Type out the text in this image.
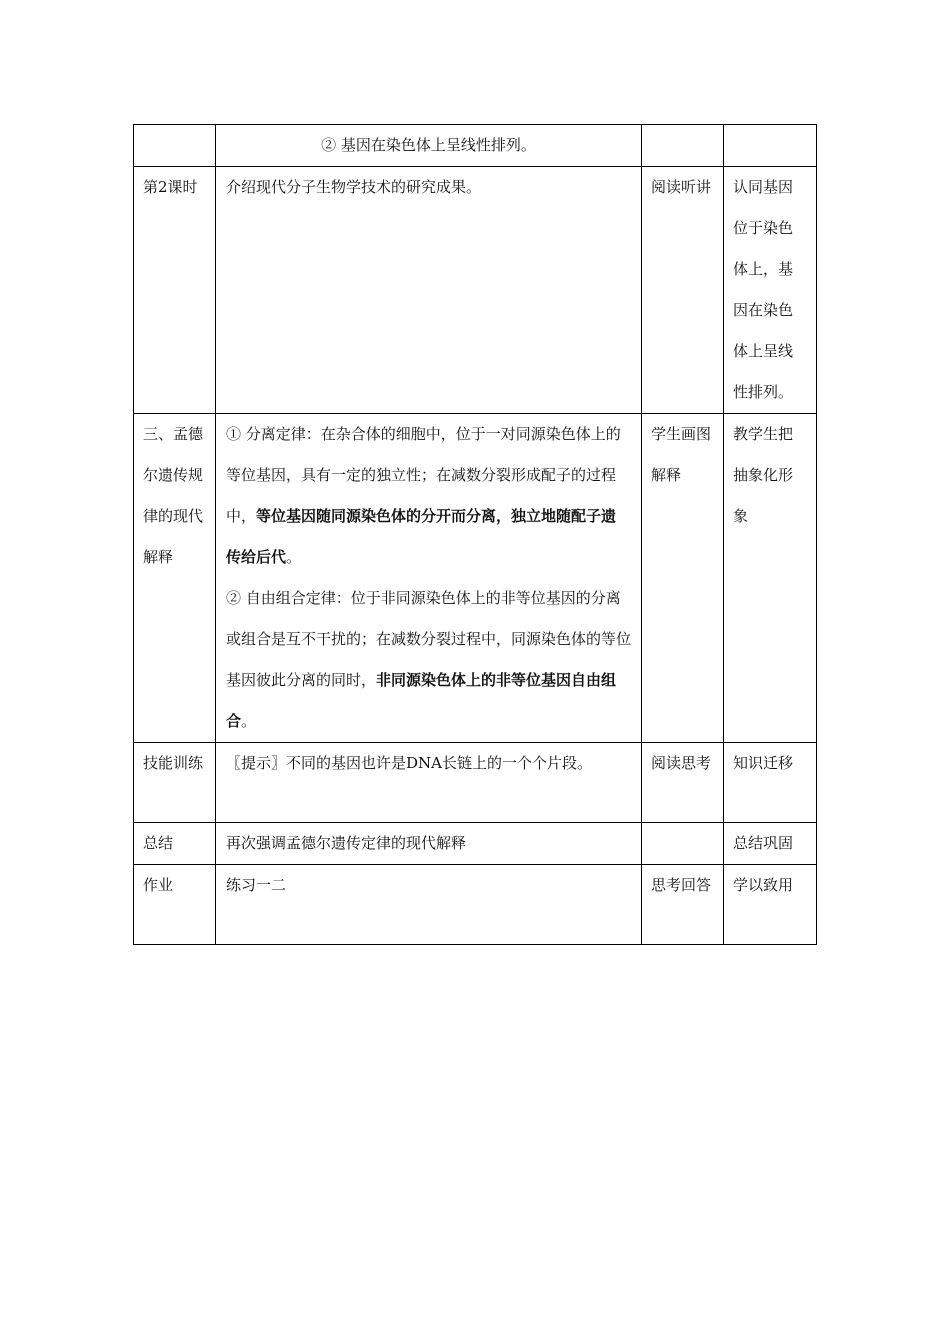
	② 基因在染色体上呈线性排列。		
第2课时	介绍现代分子生物学技术的研究成果。	阅读听讲	认同基因位于染色体上，基因在染色体上呈线性排列。
三、孟德尔遗传规律的现代解释	① 分离定律：在杂合体的细胞中，位于一对同源染色体上的等位基因，具有一定的独立性；在减数分裂形成配子的过程中，等位基因随同源染色体的分开而分离，独立地随配子遗传给后代。
② 自由组合定律：位于非同源染色体上的非等位基因的分离或组合是互不干扰的；在减数分裂过程中，同源染色体的等位基因彼此分离的同时，非同源染色体上的非等位基因自由组合。	学生画图解释	教学生把抽象化形象
技能训练	〖提示〗不同的基因也许是DNA长链上的一个个片段。	阅读思考	知识迁移
总结	再次强调孟德尔遗传定律的现代解释		总结巩固
作业	练习一二	思考回答	学以致用
